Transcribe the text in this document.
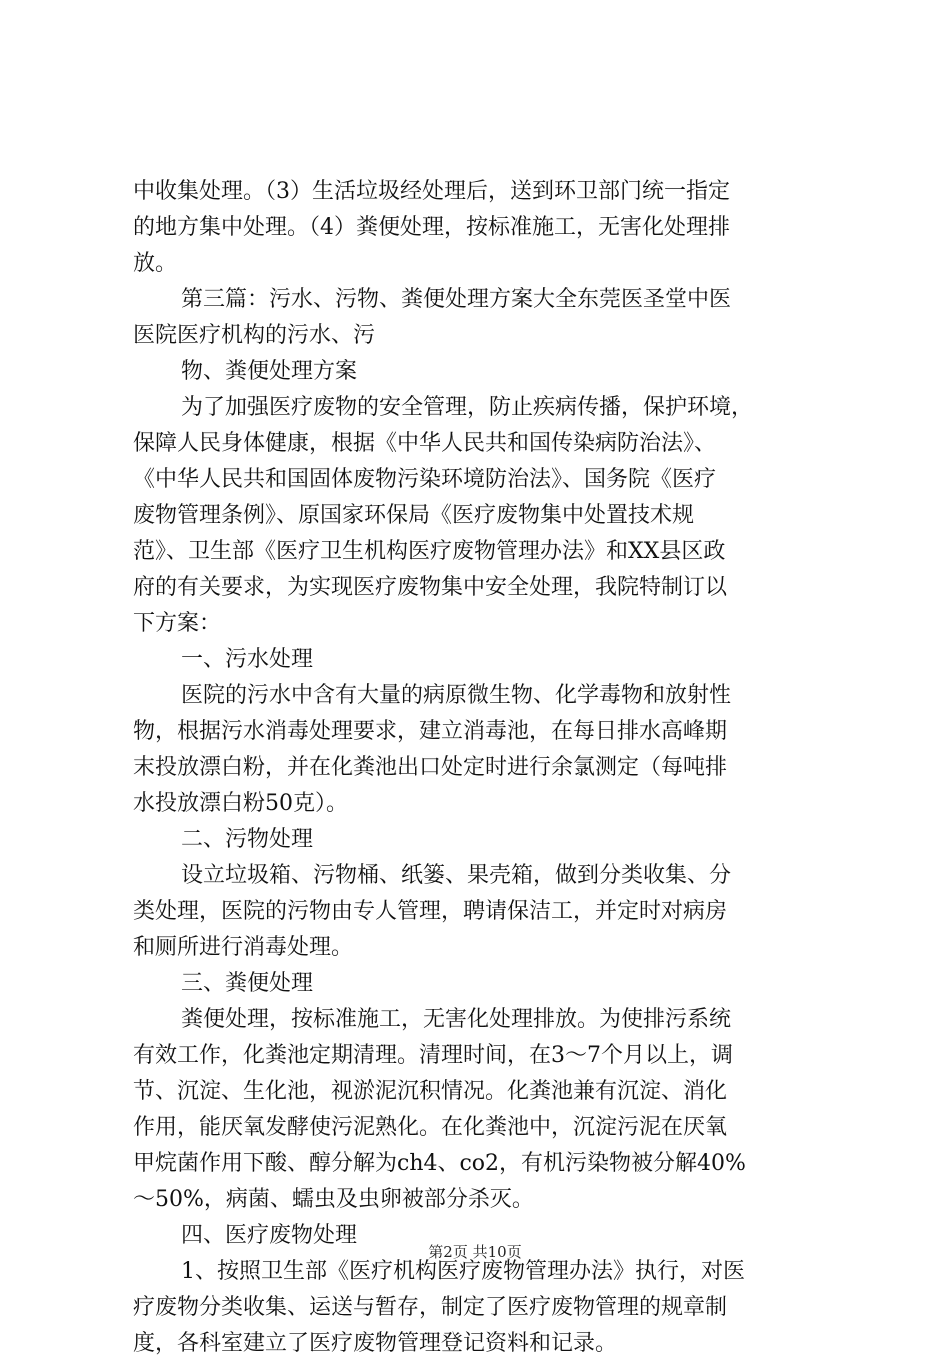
中收集处理。（3）生活垃圾经处理后，送到环卫部门统一指定
的地方集中处理。（4）粪便处理，按标准施工，无害化处理排
放。
第三篇：污水、污物、粪便处理方案大全东莞医圣堂中医
医院医疗机构的污水、污
物、粪便处理方案
为了加强医疗废物的安全管理，防止疾病传播，保护环境，
保障人民身体健康，根据《中华人民共和国传染病防治法》、
《中华人民共和国固体废物污染环境防治法》、国务院《医疗
废物管理条例》、原国家环保局《医疗废物集中处置技术规
范》、卫生部《医疗卫生机构医疗废物管理办法》和XX县区政
府的有关要求，为实现医疗废物集中安全处理，我院特制订以
下方案：
一、污水处理
医院的污水中含有大量的病原微生物、化学毒物和放射性
物，根据污水消毒处理要求，建立消毒池，在每日排水高峰期
末投放漂白粉，并在化粪池出口处定时进行余氯测定（每吨排
水投放漂白粉50克）。
二、污物处理
设立垃圾箱、污物桶、纸篓、果壳箱，做到分类收集、分
类处理，医院的污物由专人管理，聘请保洁工，并定时对病房
和厕所进行消毒处理。
三、粪便处理
粪便处理，按标准施工，无害化处理排放。为使排污系统
有效工作，化粪池定期清理。清理时间，在3～7个月以上，调
节、沉淀、生化池，视淤泥沉积情况。化粪池兼有沉淀、消化
作用，能厌氧发酵使污泥熟化。在化粪池中，沉淀污泥在厌氧
甲烷菌作用下酸、醇分解为ch4、co2，有机污染物被分解40%
～50%，病菌、蠕虫及虫卵被部分杀灭。
四、医疗废物处理
1、按照卫生部《医疗机构医疗废物管理办法》执行，对医
疗废物分类收集、运送与暂存，制定了医疗废物管理的规章制
度，各科室建立了医疗废物管理登记资料和记录。
第2页 共10页
